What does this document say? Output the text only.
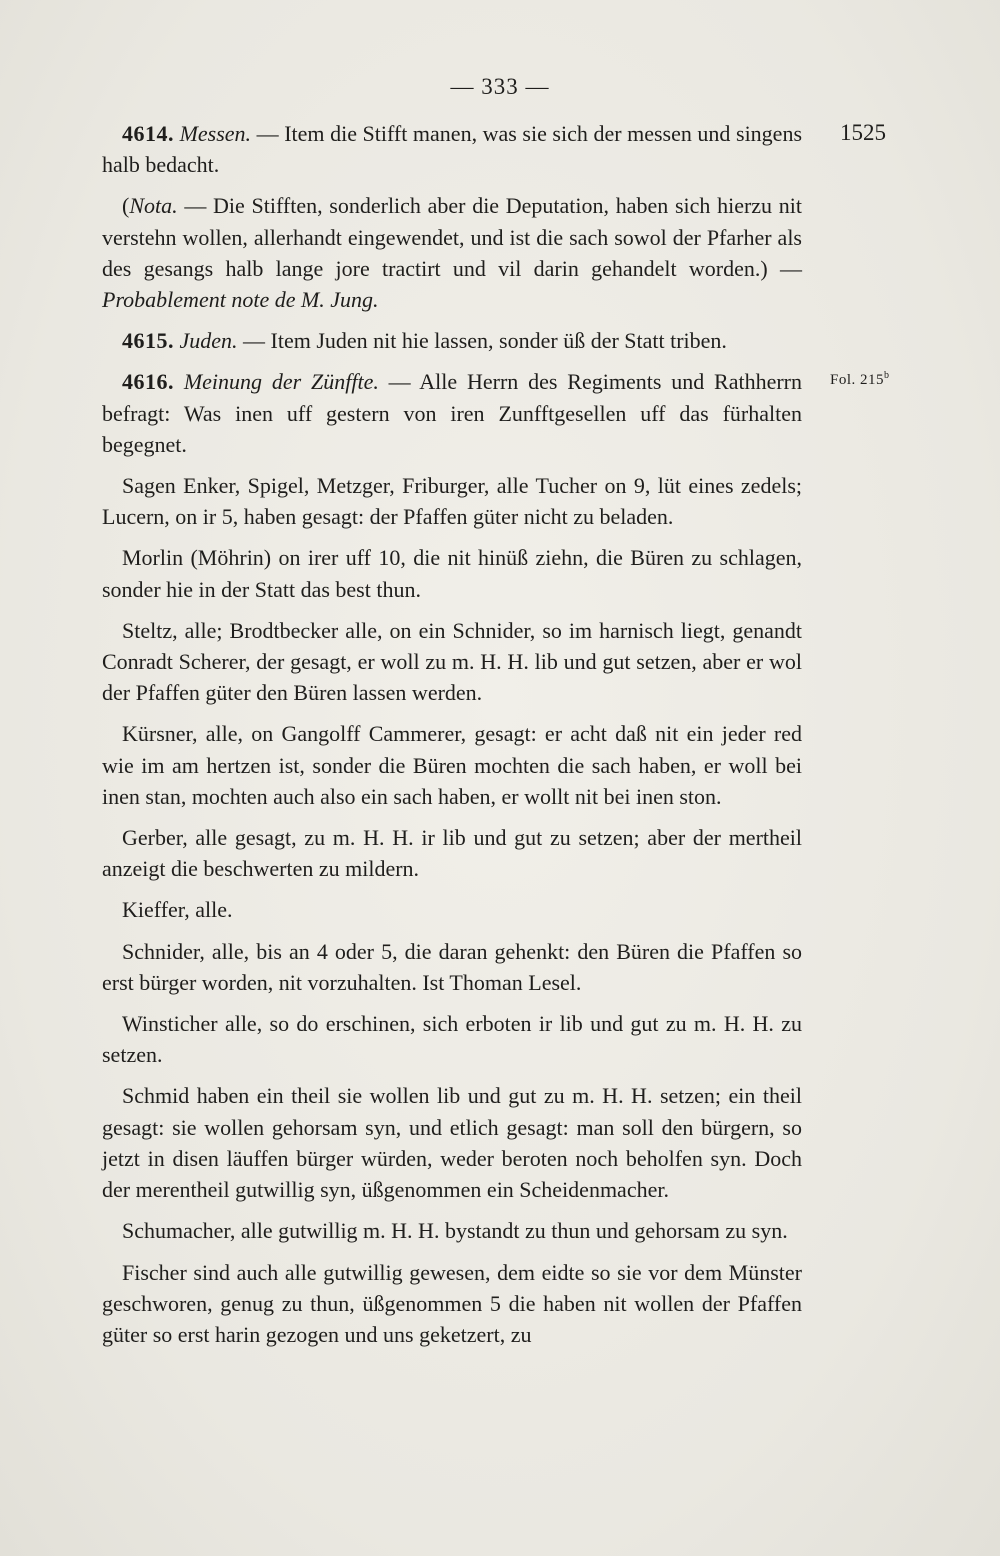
— 333 —
1525
Fol. 215$^b$

4614. Messen. — Item die Stifft manen, was sie sich der messen und singens halb bedacht.

(Nota. — Die Stifften, sonderlich aber die Deputation, haben sich hierzu nit verstehn wollen, allerhandt eingewendet, und ist die sach sowol der Pfarher als des gesangs halb lange jore tractirt und vil darin gehandelt worden.) — Probablement note de M. Jung.

4615. Juden. — Item Juden nit hie lassen, sonder üß der Statt triben.

4616. Meinung der Zünffte. — Alle Herrn des Regiments und Rathherrn befragt: Was inen uff gestern von iren Zunfftgesellen uff das fürhalten begegnet.

Sagen Enker, Spigel, Metzger, Friburger, alle Tucher on 9, lüt eines zedels; Lucern, on ir 5, haben gesagt: der Pfaffen güter nicht zu beladen.

Morlin (Möhrin) on irer uff 10, die nit hinüß ziehn, die Büren zu schlagen, sonder hie in der Statt das best thun.

Steltz, alle; Brodtbecker alle, on ein Schnider, so im harnisch liegt, genandt Conradt Scherer, der gesagt, er woll zu m. H. H. lib und gut setzen, aber er wol der Pfaffen güter den Büren lassen werden.

Kürsner, alle, on Gangolff Cammerer, gesagt: er acht daß nit ein jeder red wie im am hertzen ist, sonder die Büren mochten die sach haben, er woll bei inen stan, mochten auch also ein sach haben, er wollt nit bei inen ston.

Gerber, alle gesagt, zu m. H. H. ir lib und gut zu setzen; aber der mertheil anzeigt die beschwerten zu mildern.

Kieffer, alle.

Schnider, alle, bis an 4 oder 5, die daran gehenkt: den Büren die Pfaffen so erst bürger worden, nit vorzuhalten. Ist Thoman Lesel.

Winsticher alle, so do erschinen, sich erboten ir lib und gut zu m. H. H. zu setzen.

Schmid haben ein theil sie wollen lib und gut zu m. H. H. setzen; ein theil gesagt: sie wollen gehorsam syn, und etlich gesagt: man soll den bürgern, so jetzt in disen läuffen bürger würden, weder beroten noch beholfen syn. Doch der merentheil gutwillig syn, üßgenommen ein Scheidenmacher.

Schumacher, alle gutwillig m. H. H. bystandt zu thun und gehorsam zu syn.

Fischer sind auch alle gutwillig gewesen, dem eidte so sie vor dem Münster geschworen, genug zu thun, üßgenommen 5 die haben nit wollen der Pfaffen güter so erst harin gezogen und uns geketzert, zu
